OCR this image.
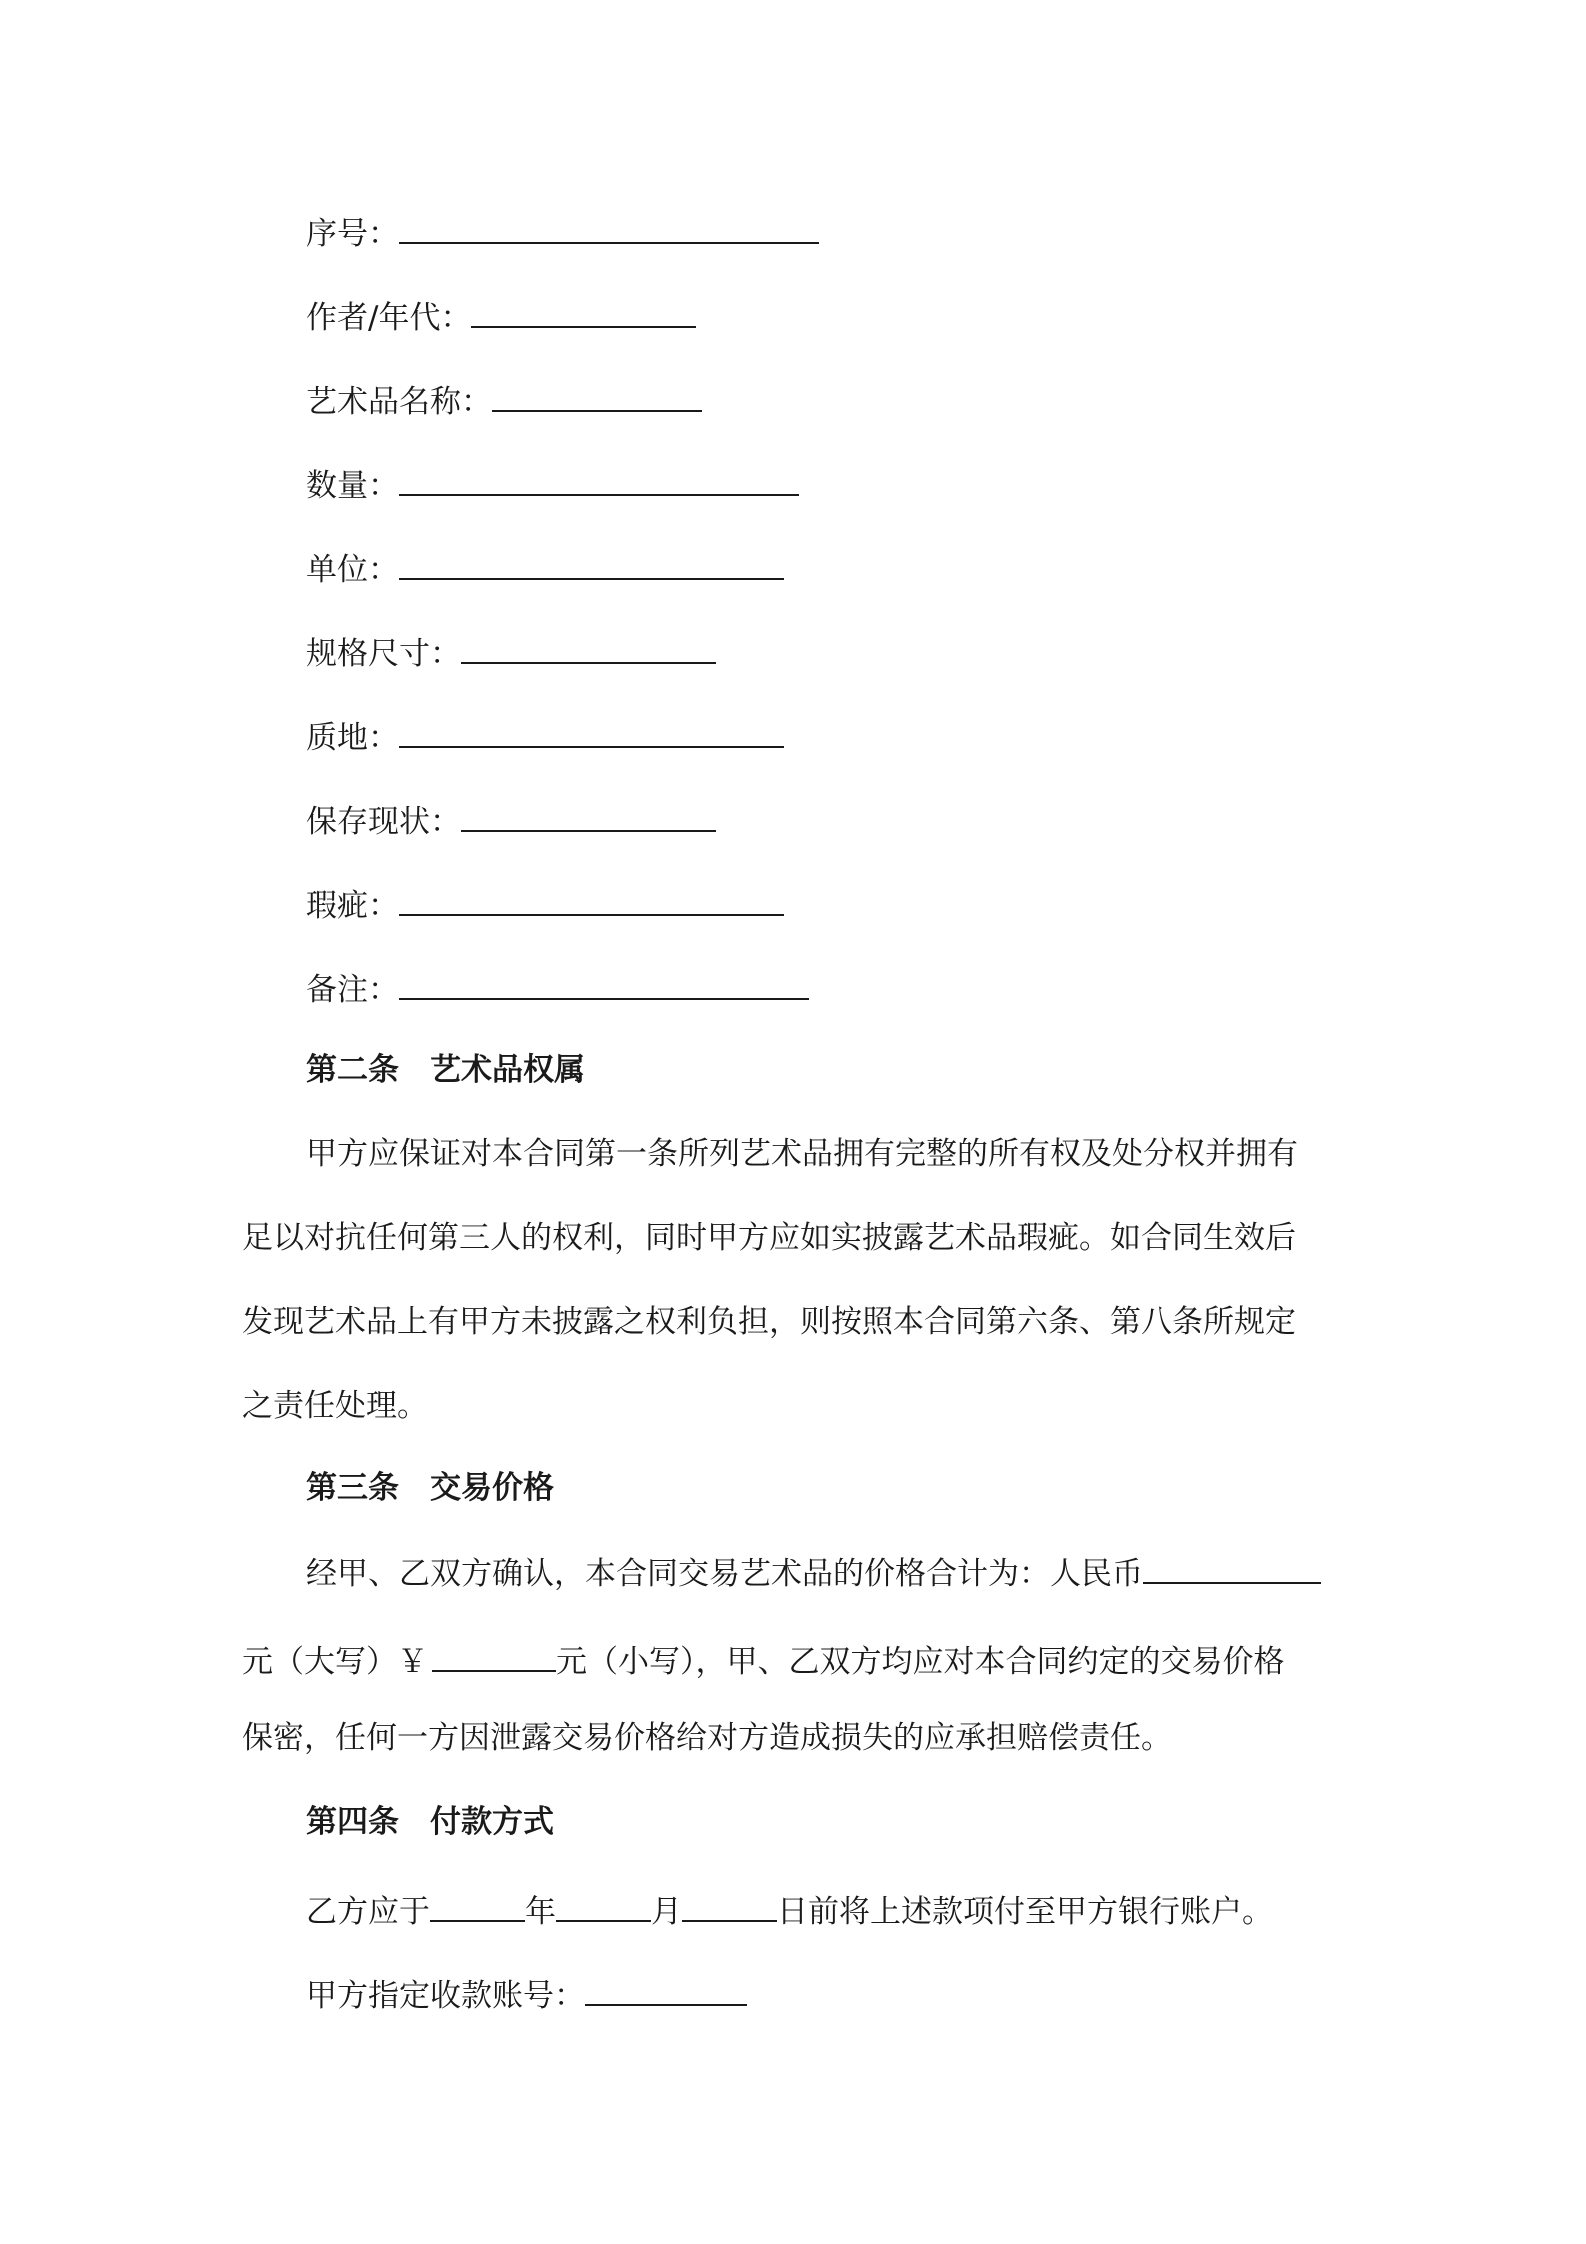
序号：
作者/年代：
艺术品名称：
数量：
单位：
规格尺寸：
质地：
保存现状：
瑕疵：
备注：
第二条　艺术品权属
甲方应保证对本合同第一条所列艺术品拥有完整的所有权及处分权并拥有
足以对抗任何第三人的权利，同时甲方应如实披露艺术品瑕疵。如合同生效后
发现艺术品上有甲方未披露之权利负担，则按照本合同第六条、第八条所规定
之责任处理。
第三条　交易价格
经甲、乙双方确认，本合同交易艺术品的价格合计为：人民币
元（大写）￥	元（小写），甲、乙双方均应对本合同约定的交易价格
保密，任何一方因泄露交易价格给对方造成损失的应承担赔偿责任。
第四条　付款方式
乙方应于	年	月	日前将上述款项付至甲方银行账户。
甲方指定收款账号：
